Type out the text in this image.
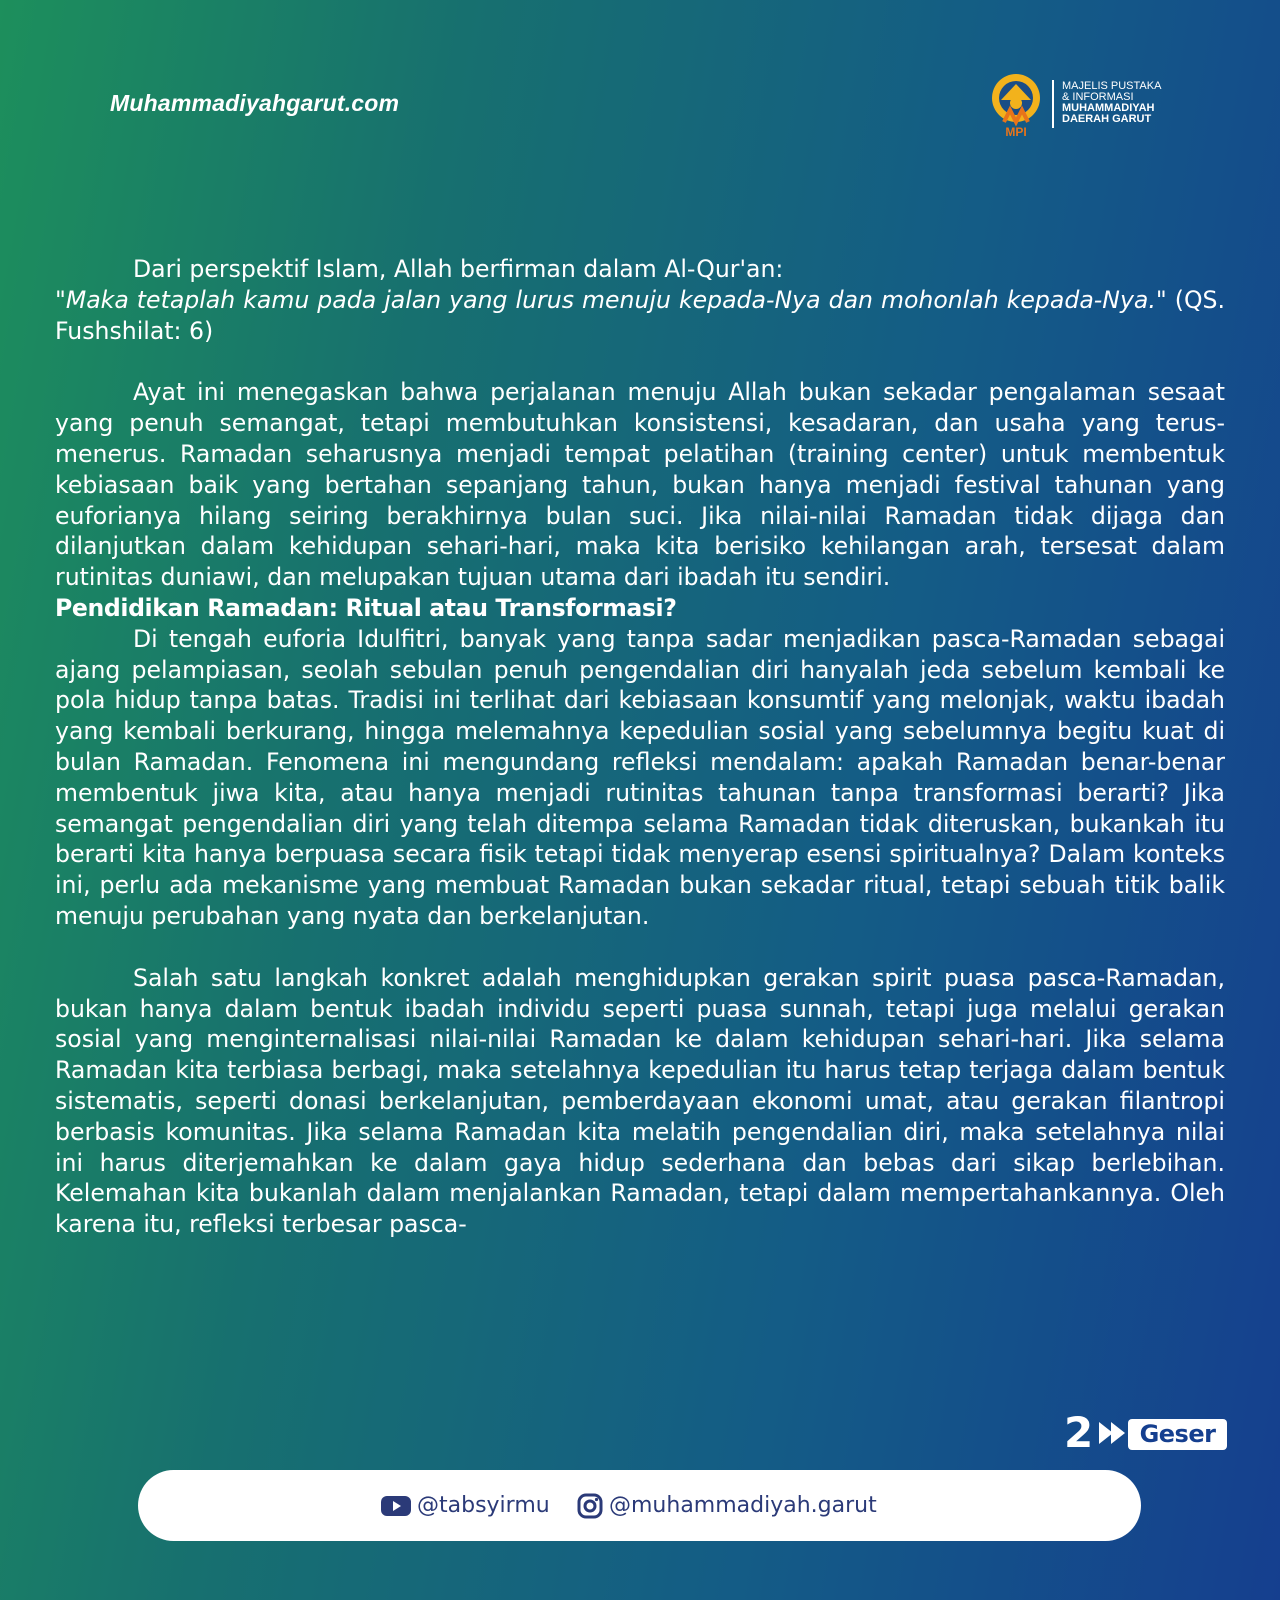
Muhammadiyahgarut.com
MPI
MAJELIS PUSTAKA
& INFORMASI
MUHAMMADIYAH
DAERAH GARUT

Dari perspektif Islam, Allah berfirman dalam Al-Qur'an:

"Maka tetaplah kamu pada jalan yang lurus menuju kepada-Nya dan mohonlah kepada-Nya." (QS. Fushshilat: 6)

Ayat ini menegaskan bahwa perjalanan menuju Allah bukan sekadar pengalaman sesaat yang penuh semangat, tetapi membutuhkan konsistensi, kesadaran, dan usaha yang terus-menerus. Ramadan seharusnya menjadi tempat pelatihan (training center) untuk membentuk kebiasaan baik yang bertahan sepanjang tahun, bukan hanya menjadi festival tahunan yang euforianya hilang seiring berakhirnya bulan suci. Jika nilai-nilai Ramadan tidak dijaga dan dilanjutkan dalam kehidupan sehari-hari, maka kita berisiko kehilangan arah, tersesat dalam rutinitas duniawi, dan melupakan tujuan utama dari ibadah itu sendiri.

Pendidikan Ramadan: Ritual atau Transformasi?

Di tengah euforia Idulfitri, banyak yang tanpa sadar menjadikan pasca-Ramadan sebagai ajang pelampiasan, seolah sebulan penuh pengendalian diri hanyalah jeda sebelum kembali ke pola hidup tanpa batas. Tradisi ini terlihat dari kebiasaan konsumtif yang melonjak, waktu ibadah yang kembali berkurang, hingga melemahnya kepedulian sosial yang sebelumnya begitu kuat di bulan Ramadan. Fenomena ini mengundang refleksi mendalam: apakah Ramadan benar-benar membentuk jiwa kita, atau hanya menjadi rutinitas tahunan tanpa transformasi berarti? Jika semangat pengendalian diri yang telah ditempa selama Ramadan tidak diteruskan, bukankah itu berarti kita hanya berpuasa secara fisik tetapi tidak menyerap esensi spiritualnya? Dalam konteks ini, perlu ada mekanisme yang membuat Ramadan bukan sekadar ritual, tetapi sebuah titik balik menuju perubahan yang nyata dan berkelanjutan.

Salah satu langkah konkret adalah menghidupkan gerakan spirit puasa pasca-Ramadan, bukan hanya dalam bentuk ibadah individu seperti puasa sunnah, tetapi juga melalui gerakan sosial yang menginternalisasi nilai-nilai Ramadan ke dalam kehidupan sehari-hari. Jika selama Ramadan kita terbiasa berbagi, maka setelahnya kepedulian itu harus tetap terjaga dalam bentuk sistematis, seperti donasi berkelanjutan, pemberdayaan ekonomi umat, atau gerakan filantropi berbasis komunitas. Jika selama Ramadan kita melatih pengendalian diri, maka setelahnya nilai ini harus diterjemahkan ke dalam gaya hidup sederhana dan bebas dari sikap berlebihan. Kelemahan kita bukanlah dalam menjalankan Ramadan, tetapi dalam mempertahankannya. Oleh karena itu, refleksi terbesar pasca-

2	Geser
@tabsyirmu	@muhammadiyah.garut
